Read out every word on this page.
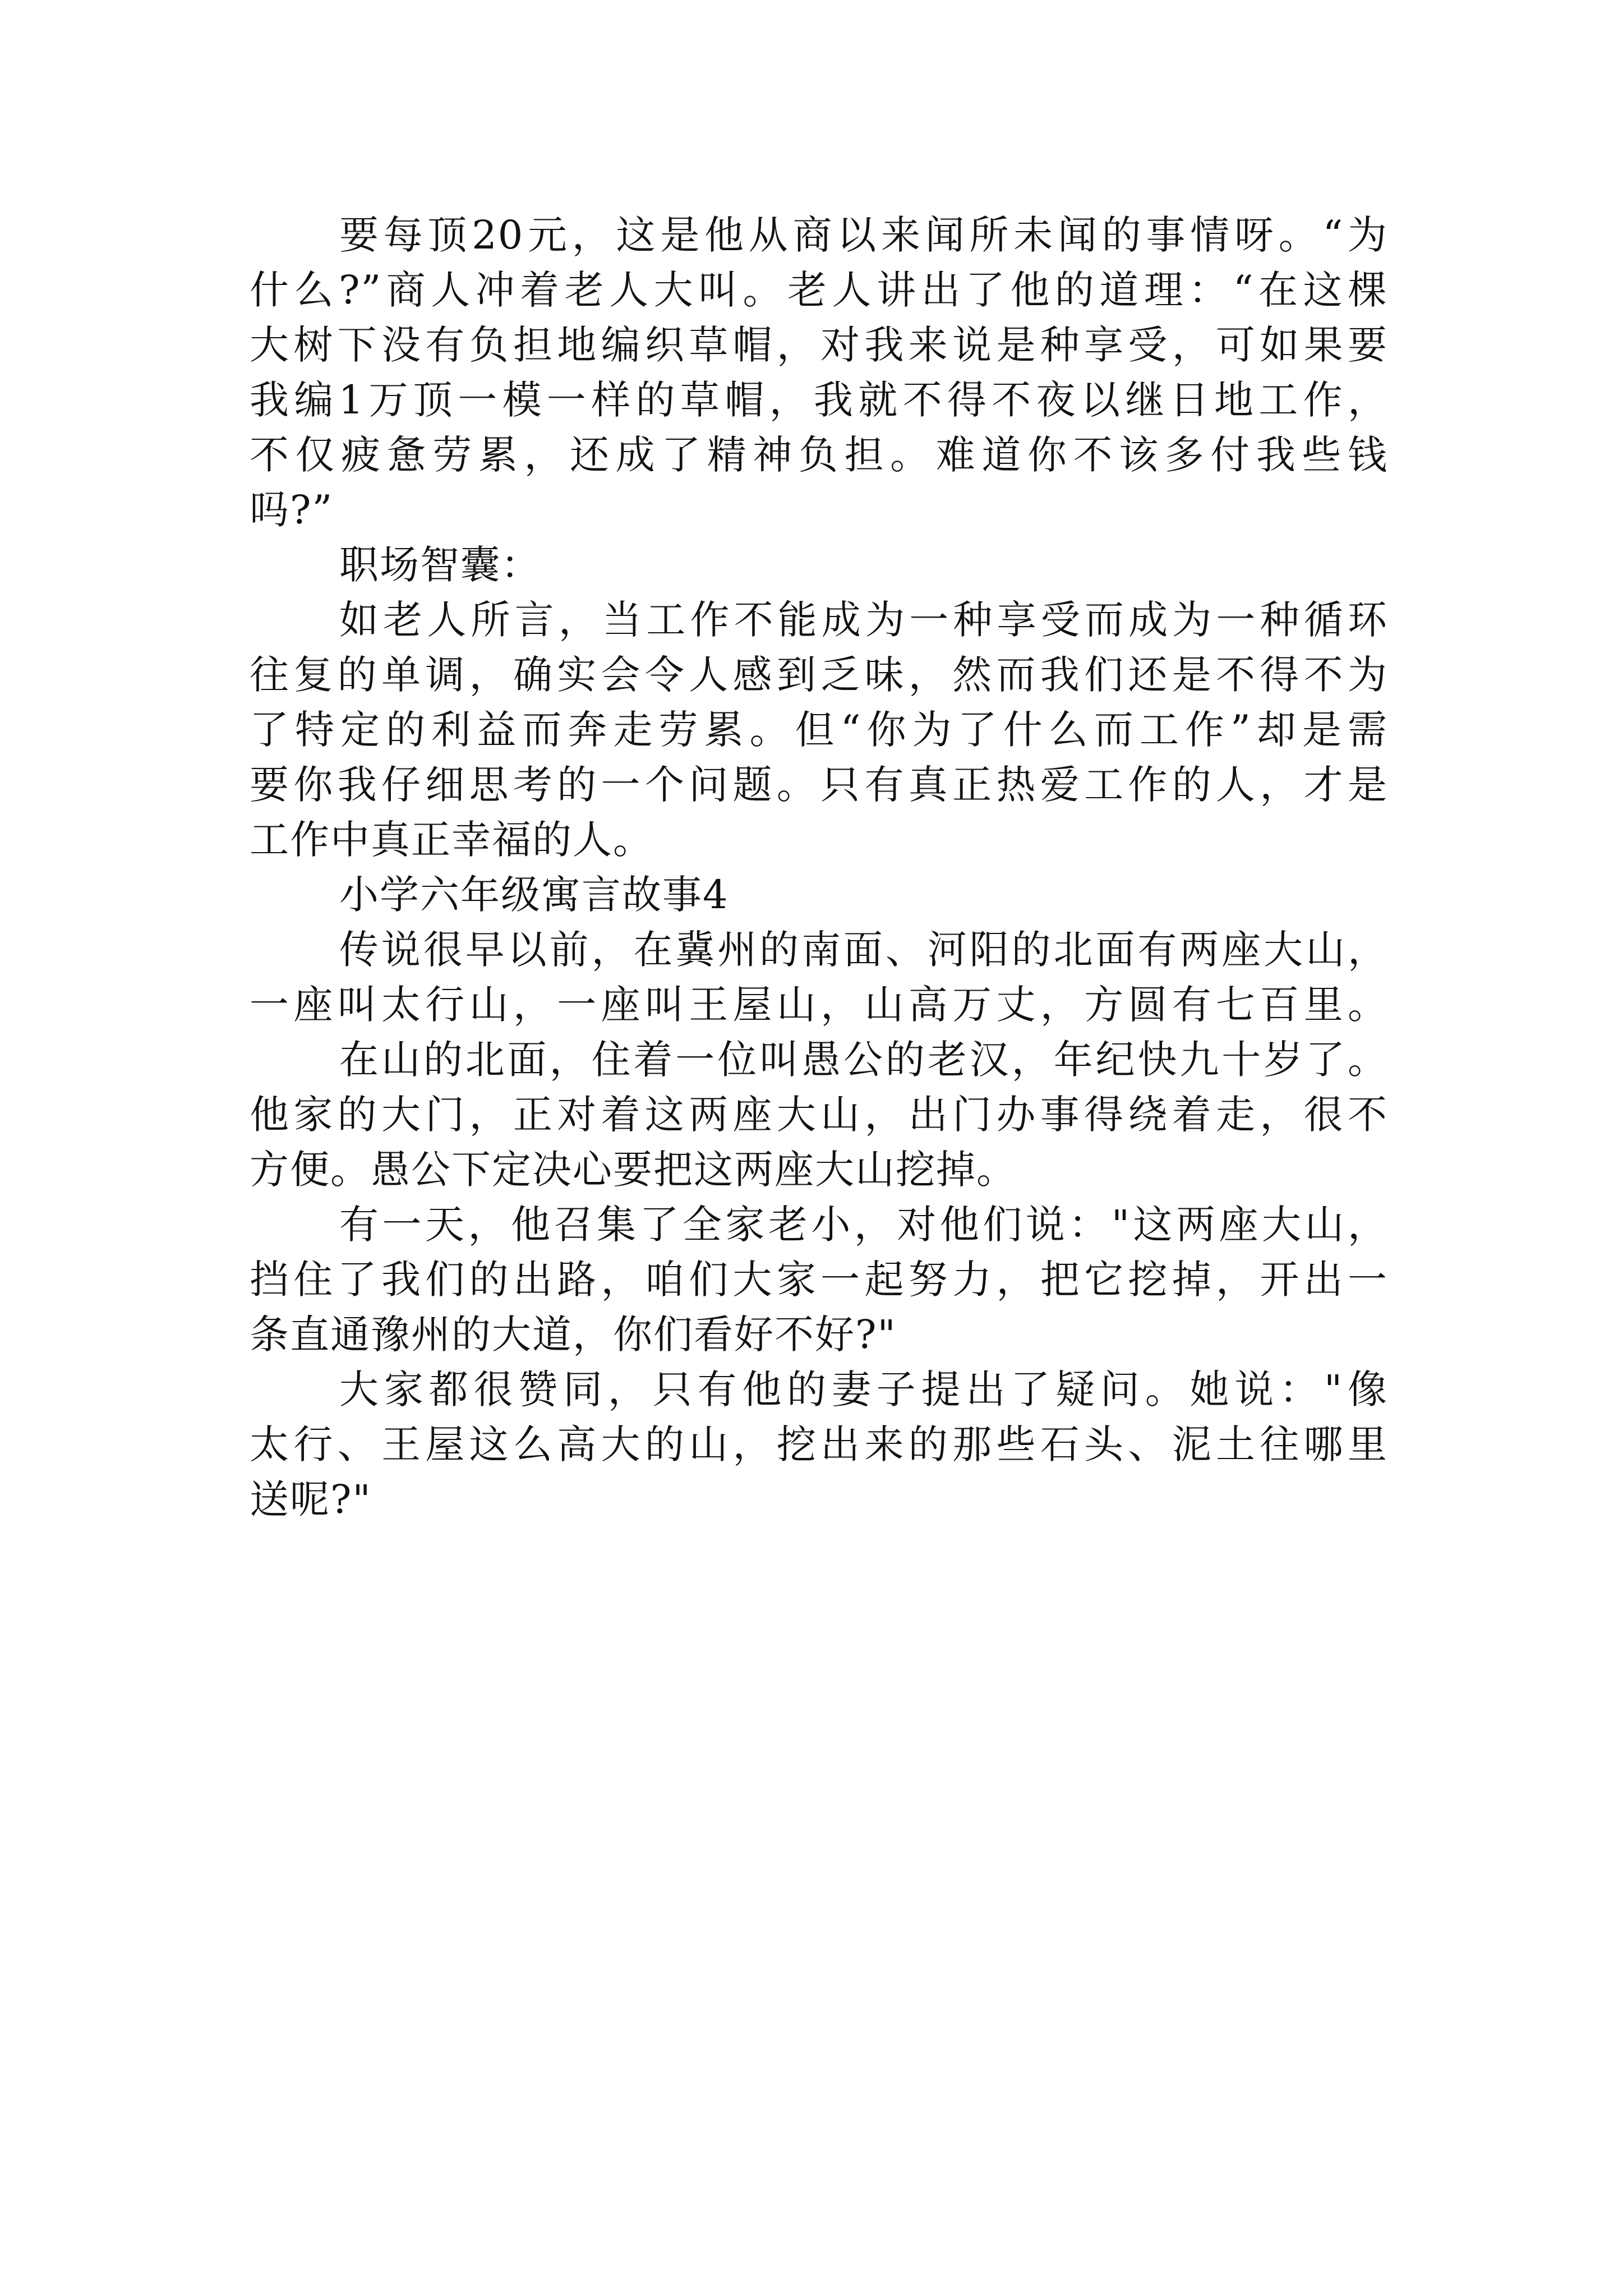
要每顶20元，这是他从商以来闻所未闻的事情呀。“为
什么?”商人冲着老人大叫。老人讲出了他的道理：“在这棵
大树下没有负担地编织草帽，对我来说是种享受，可如果要
我编1万顶一模一样的草帽，我就不得不夜以继日地工作，
不仅疲惫劳累，还成了精神负担。难道你不该多付我些钱
吗?”
职场智囊：
如老人所言，当工作不能成为一种享受而成为一种循环
往复的单调，确实会令人感到乏味，然而我们还是不得不为
了特定的利益而奔走劳累。但“你为了什么而工作”却是需
要你我仔细思考的一个问题。只有真正热爱工作的人，才是
工作中真正幸福的人。
小学六年级寓言故事4
传说很早以前，在冀州的南面、河阳的北面有两座大山，
一座叫太行山，一座叫王屋山，山高万丈，方圆有七百里。
在山的北面，住着一位叫愚公的老汉，年纪快九十岁了。
他家的大门，正对着这两座大山，出门办事得绕着走，很不
方便。愚公下定决心要把这两座大山挖掉。
有一天，他召集了全家老小，对他们说："这两座大山，
挡住了我们的出路，咱们大家一起努力，把它挖掉，开出一
条直通豫州的大道，你们看好不好?"
大家都很赞同，只有他的妻子提出了疑问。她说："像
太行、王屋这么高大的山，挖出来的那些石头、泥土往哪里
送呢?"
